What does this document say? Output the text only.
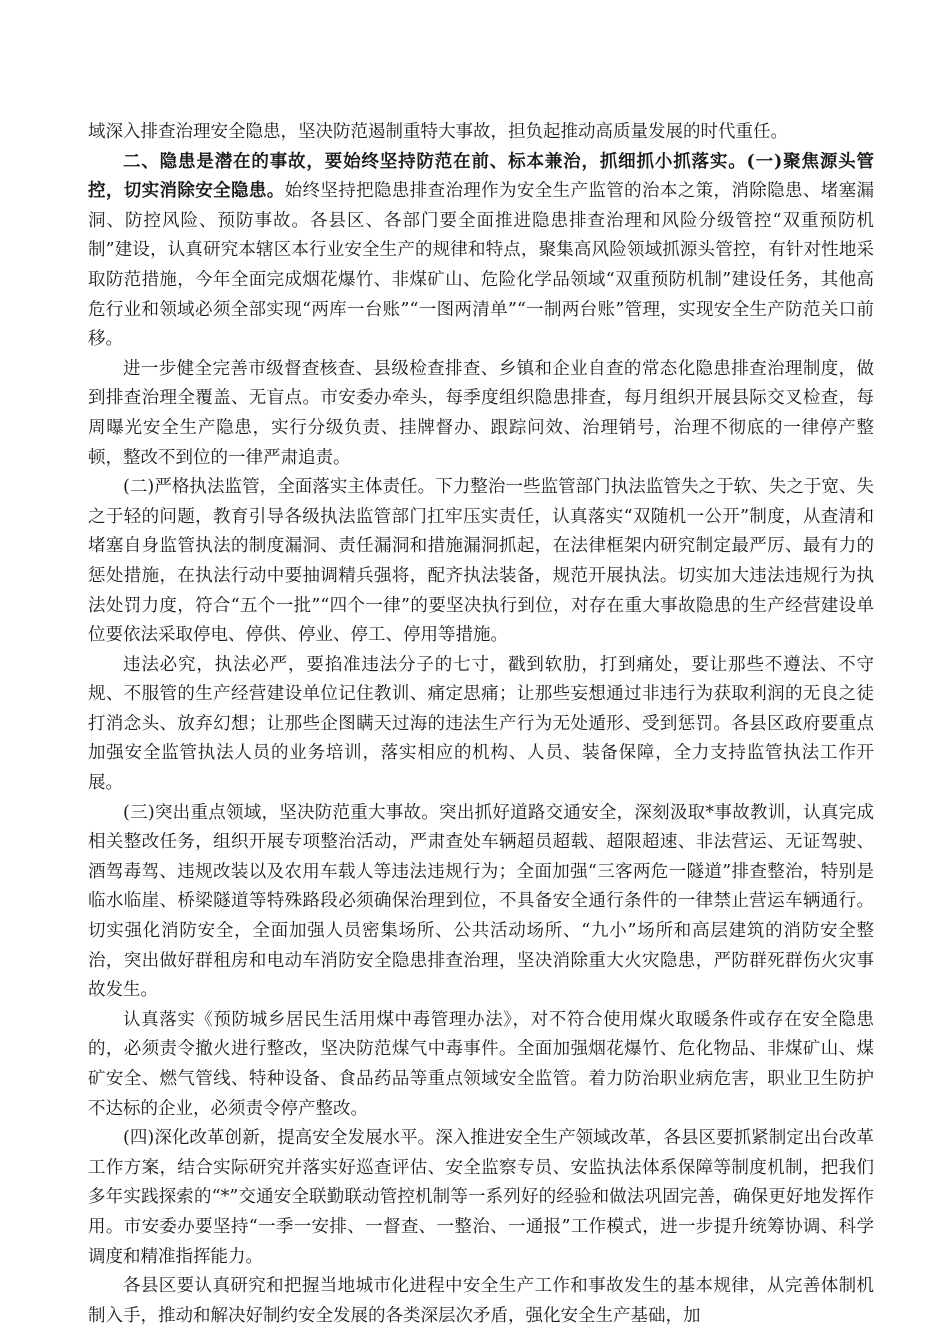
域深入排查治理安全隐患，坚决防范遏制重特大事故，担负起推动高质量发展的时代重任。

二、隐患是潜在的事故，要始终坚持防范在前、标本兼治，抓细抓小抓落实。(一)聚焦源头管控，切实消除安全隐患。始终坚持把隐患排查治理作为安全生产监管的治本之策，消除隐患、堵塞漏洞、防控风险、预防事故。各县区、各部门要全面推进隐患排查治理和风险分级管控“双重预防机制”建设，认真研究本辖区本行业安全生产的规律和特点，聚集高风险领域抓源头管控，有针对性地采取防范措施，今年全面完成烟花爆竹、非煤矿山、危险化学品领域“双重预防机制”建设任务，其他高危行业和领域必须全部实现“两库一台账”“一图两清单”“一制两台账”管理，实现安全生产防范关口前移。

进一步健全完善市级督查核查、县级检查排查、乡镇和企业自查的常态化隐患排查治理制度，做到排查治理全覆盖、无盲点。市安委办牵头，每季度组织隐患排查，每月组织开展县际交叉检查，每周曝光安全生产隐患，实行分级负责、挂牌督办、跟踪问效、治理销号，治理不彻底的一律停产整顿，整改不到位的一律严肃追责。

(二)严格执法监管，全面落实主体责任。下力整治一些监管部门执法监管失之于软、失之于宽、失之于轻的问题，教育引导各级执法监管部门扛牢压实责任，认真落实“双随机一公开”制度，从查清和堵塞自身监管执法的制度漏洞、责任漏洞和措施漏洞抓起，在法律框架内研究制定最严厉、最有力的惩处措施，在执法行动中要抽调精兵强将，配齐执法装备，规范开展执法。切实加大违法违规行为执法处罚力度，符合“五个一批”“四个一律”的要坚决执行到位，对存在重大事故隐患的生产经营建设单位要依法采取停电、停供、停业、停工、停用等措施。

违法必究，执法必严，要掐准违法分子的七寸，戳到软肋，打到痛处，要让那些不遵法、不守规、不服管的生产经营建设单位记住教训、痛定思痛；让那些妄想通过非违行为获取利润的无良之徒打消念头、放弃幻想；让那些企图瞒天过海的违法生产行为无处遁形、受到惩罚。各县区政府要重点加强安全监管执法人员的业务培训，落实相应的机构、人员、装备保障，全力支持监管执法工作开展。

(三)突出重点领域，坚决防范重大事故。突出抓好道路交通安全，深刻汲取*事故教训，认真完成相关整改任务，组织开展专项整治活动，严肃查处车辆超员超载、超限超速、非法营运、无证驾驶、酒驾毒驾、违规改装以及农用车载人等违法违规行为；全面加强“三客两危一隧道”排查整治，特别是临水临崖、桥梁隧道等特殊路段必须确保治理到位，不具备安全通行条件的一律禁止营运车辆通行。切实强化消防安全，全面加强人员密集场所、公共活动场所、“九小”场所和高层建筑的消防安全整治，突出做好群租房和电动车消防安全隐患排查治理，坚决消除重大火灾隐患，严防群死群伤火灾事故发生。

认真落实《预防城乡居民生活用煤中毒管理办法》，对不符合使用煤火取暖条件或存在安全隐患的，必须责令撤火进行整改，坚决防范煤气中毒事件。全面加强烟花爆竹、危化物品、非煤矿山、煤矿安全、燃气管线、特种设备、食品药品等重点领域安全监管。着力防治职业病危害，职业卫生防护不达标的企业，必须责令停产整改。

(四)深化改革创新，提高安全发展水平。深入推进安全生产领域改革，各县区要抓紧制定出台改革工作方案，结合实际研究并落实好巡查评估、安全监察专员、安监执法体系保障等制度机制，把我们多年实践探索的“*”交通安全联勤联动管控机制等一系列好的经验和做法巩固完善，确保更好地发挥作用。市安委办要坚持“一季一安排、一督查、一整治、一通报”工作模式，进一步提升统筹协调、科学调度和精准指挥能力。

各县区要认真研究和把握当地城市化进程中安全生产工作和事故发生的基本规律，从完善体制机制入手，推动和解决好制约安全发展的各类深层次矛盾，强化安全生产基础，加
